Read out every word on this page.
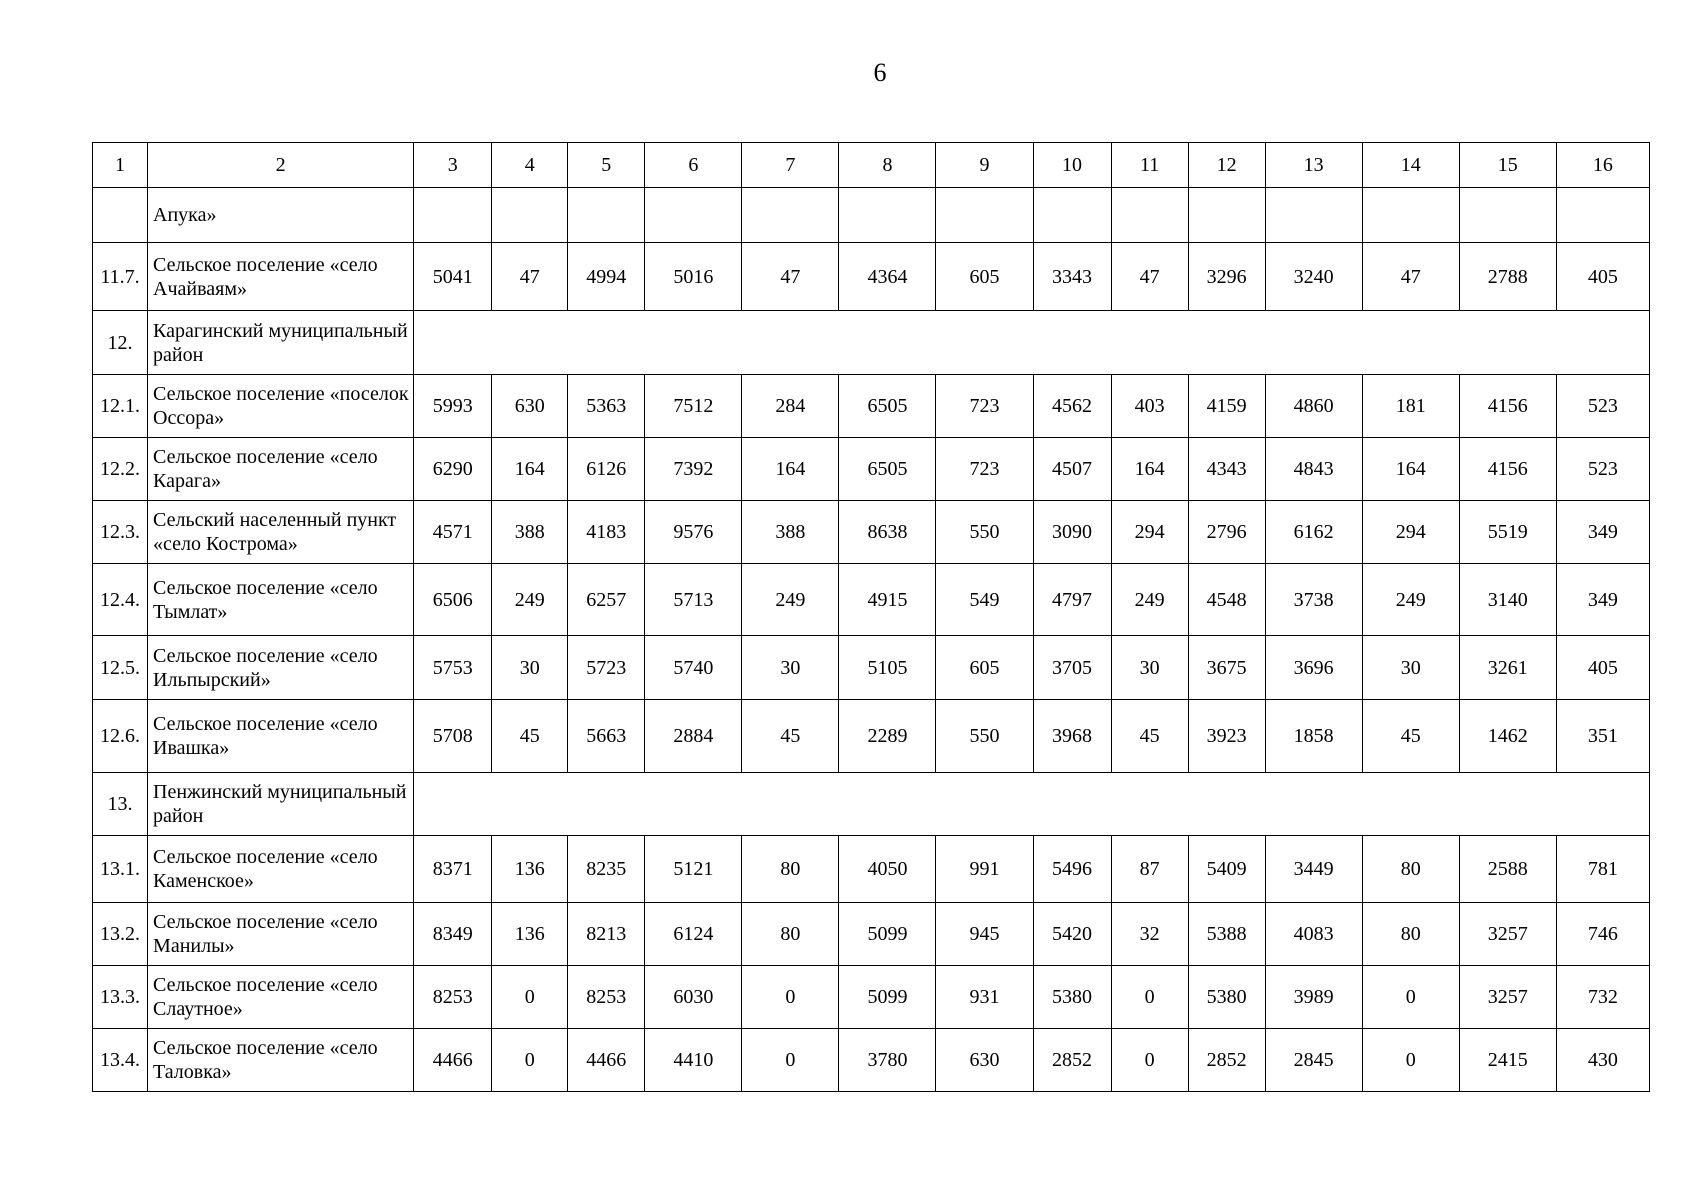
6
1	2	3	4	5	6	7	8	9	10	11	12	13	14	15	16
	Апука»														
11.7.	Сельское поселение «село
Ачайваям»	5041	47	4994	5016	47	4364	605	3343	47	3296	3240	47	2788	405
12.	Карагинский муниципальный
район														
12.1.	Сельское поселение «поселок
Оссора»	5993	630	5363	7512	284	6505	723	4562	403	4159	4860	181	4156	523
12.2.	Сельское поселение «село
Карага»	6290	164	6126	7392	164	6505	723	4507	164	4343	4843	164	4156	523
12.3.	Сельский населенный пункт
«село Кострома»	4571	388	4183	9576	388	8638	550	3090	294	2796	6162	294	5519	349
12.4.	Сельское поселение «село
Тымлат»	6506	249	6257	5713	249	4915	549	4797	249	4548	3738	249	3140	349
12.5.	Сельское поселение «село
Ильпырский»	5753	30	5723	5740	30	5105	605	3705	30	3675	3696	30	3261	405
12.6.	Сельское поселение «село
Ивашка»	5708	45	5663	2884	45	2289	550	3968	45	3923	1858	45	1462	351
13.	Пенжинский муниципальный
район														
13.1.	Сельское поселение «село
Каменское»	8371	136	8235	5121	80	4050	991	5496	87	5409	3449	80	2588	781
13.2.	Сельское поселение «село
Манилы»	8349	136	8213	6124	80	5099	945	5420	32	5388	4083	80	3257	746
13.3.	Сельское поселение «село
Слаутное»	8253	0	8253	6030	0	5099	931	5380	0	5380	3989	0	3257	732
13.4.	Сельское поселение «село
Таловка»	4466	0	4466	4410	0	3780	630	2852	0	2852	2845	0	2415	430
